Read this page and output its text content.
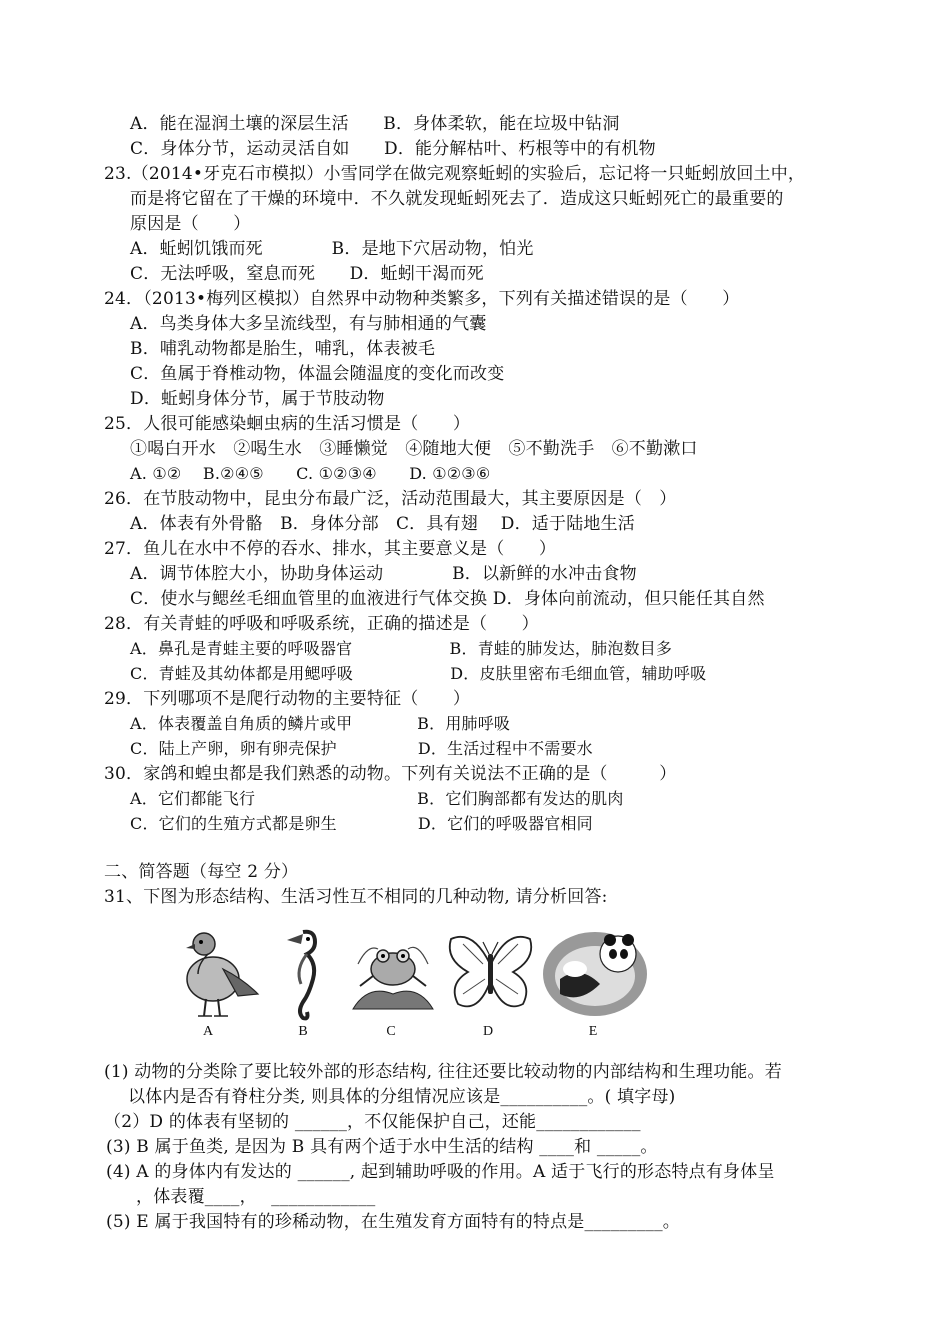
A．能在湿润土壤的深层生活　　B．身体柔软，能在垃圾中钻洞
C．身体分节，运动灵活自如　　D．能分解枯叶、朽根等中的有机物
23.（2014•牙克石市模拟）小雪同学在做完观察蚯蚓的实验后，忘记将一只蚯蚓放回土中，
而是将它留在了干燥的环境中．不久就发现蚯蚓死去了．造成这只蚯蚓死亡的最重要的
原因是（　　）
A．蚯蚓饥饿而死　　　　B．是地下穴居动物，怕光
C．无法呼吸，窒息而死　　D．蚯蚓干渴而死
24．（2013•梅列区模拟）自然界中动物种类繁多，下列有关描述错误的是（　　）
A．鸟类身体大多呈流线型，有与肺相通的气囊
B．哺乳动物都是胎生，哺乳，体表被毛
C．鱼属于脊椎动物，体温会随温度的变化而改变
D．蚯蚓身体分节，属于节肢动物
25．人很可能感染蛔虫病的生活习惯是（　　）
①喝白开水　②喝生水　③睡懒觉　④随地大便　⑤不勤洗手　⑥不勤漱口
A. ①②　 B.②④⑤　　C. ①②③④　　D. ①②③⑥
26．在节肢动物中，昆虫分布最广泛，活动范围最大，其主要原因是（　）
A．体表有外骨骼　B．身体分部　C．具有翅　 D．适于陆地生活
27．鱼儿在水中不停的吞水、排水，其主要意义是（　　）
A．调节体腔大小，协助身体运动　　　　B．以新鲜的水冲击食物
C．使水与鳃丝毛细血管里的血液进行气体交换 D．身体向前流动，但只能任其自然
28．有关青蛙的呼吸和呼吸系统，正确的描述是（　　）
A．鼻孔是青蛙主要的呼吸器官　　　　　　B．青蛙的肺发达，肺泡数目多
C．青蛙及其幼体都是用鳃呼吸　　　　　　D．皮肤里密布毛细血管，辅助呼吸
29．下列哪项不是爬行动物的主要特征（　　）
A．体表覆盖自角质的鳞片或甲　　　　B．用肺呼吸
C．陆上产卵，卵有卵壳保护　　　　　D．生活过程中不需要水
30．家鸽和蝗虫都是我们熟悉的动物。下列有关说法不正确的是（　　　）
A．它们都能飞行　　　　　　　　　　B．它们胸部都有发达的肌肉
C．它们的生殖方式都是卵生　　　　　D．它们的呼吸器官相同
二、简答题（每空 2 分）
31、下图为形态结构、生活习性互不相同的几种动物, 请分析回答:
A	B	C	D	E
(1) 动物的分类除了要比较外部的形态结构, 往往还要比较动物的内部结构和生理功能。若
以体内是否有脊柱分类, 则具体的分组情况应该是__________。( 填字母)
（2）D 的体表有坚韧的 ______，不仅能保护自己，还能____________
(3) B 属于鱼类, 是因为 B 具有两个适于水中生活的结构 ____和 _____。
(4) A 的身体内有发达的 ______, 起到辅助呼吸的作用。A 适于飞行的形态特点有身体呈
，体表覆____，　 ____________
(5) E 属于我国特有的珍稀动物，在生殖发育方面特有的特点是_________。
